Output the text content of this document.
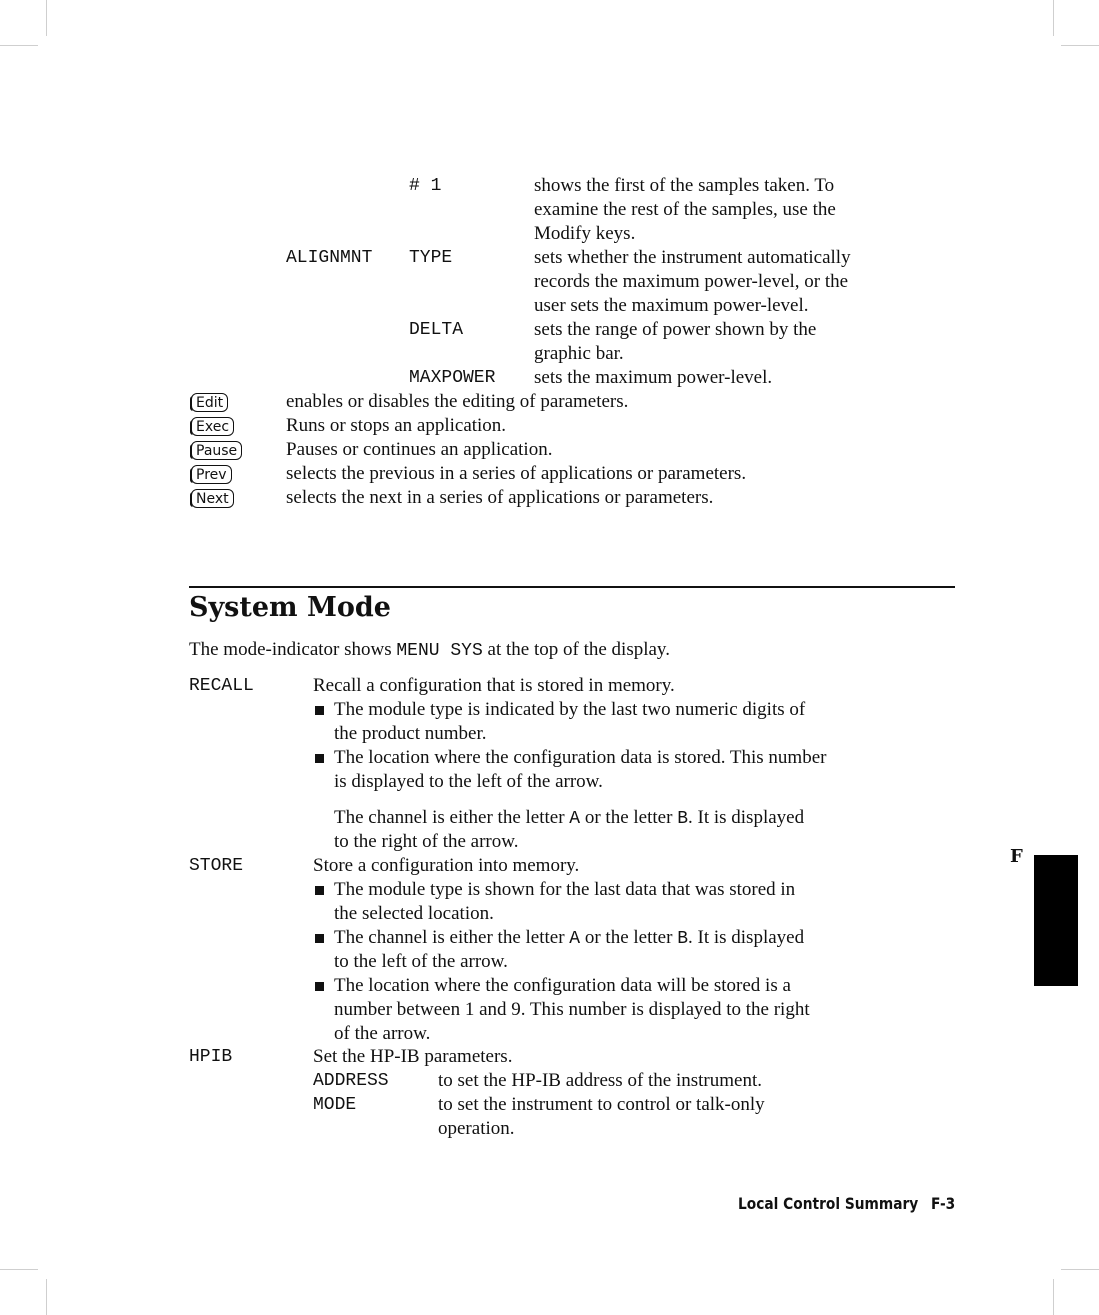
# 1	shows the first of the samples taken. To
examine the rest of the samples, use the
Modify keys.
ALIGNMNT TYPE	sets whether the instrument automatically
records the maximum power-level, or the
user sets the maximum power-level.
DELTA	sets the range of power shown by the
graphic bar.
MAXPOWER sets the maximum power-level.
Edit	enables or disables the editing of parameters.
Exec	Runs or stops an application.
Pause	Pauses or continues an application.
Prev	selects the previous in a series of applications or parameters.
Next	selects the next in a series of applications or parameters.
System Mode
The mode-indicator shows MENU SYS at the top of the display.
RECALL	Recall a configuration that is stored in memory.
The module type is indicated by the last two numeric digits of
the product number.
The location where the configuration data is stored. This number
is displayed to the left of the arrow.
The channel is either the letter A or the letter B. It is displayed
to the right of the arrow.
STORE	Store a configuration into memory.
The module type is shown for the last data that was stored in
the selected location.
The channel is either the letter A or the letter B. It is displayed
to the left of the arrow.
The location where the configuration data will be stored is a
number between 1 and 9. This number is displayed to the right
of the arrow.
HPIB	Set the HP-IB parameters.
ADDRESS	to set the HP-IB address of the instrument.
MODE	to set the instrument to control or talk-only
operation.
F
Local Control Summary F-3
